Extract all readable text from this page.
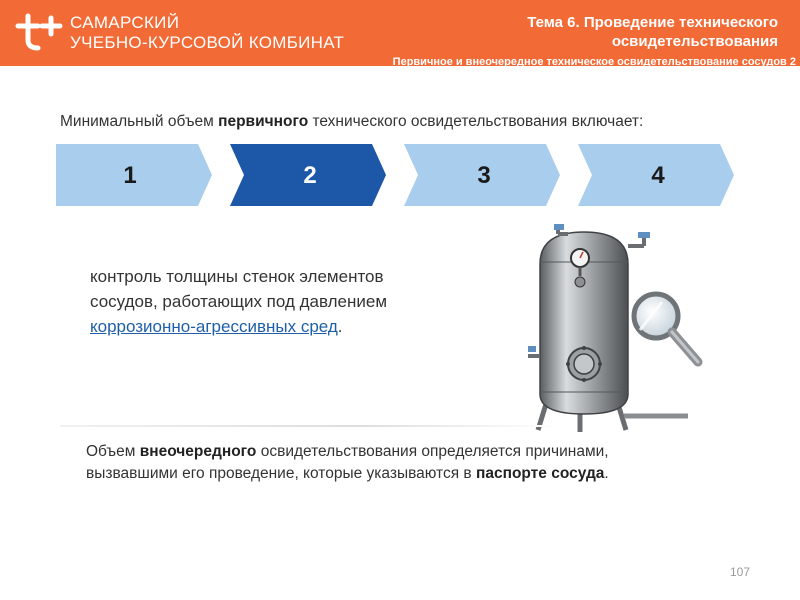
САМАРСКИЙ
УЧЕБНО-КУРСОВОЙ КОМБИНАТ
Тема 6. Проведение технического
освидетельствования
Первичное и внеочередное техническое освидетельствование сосудов 2
Минимальный объем первичного технического освидетельствования включает:
1	2	3	4
контроль толщины стенок элементов
сосудов, работающих под давлением
коррозионно-агрессивных сред.
Объем внеочередного освидетельствования определяется причинами,
вызвавшими его проведение, которые указываются в паспорте сосуда.
107
